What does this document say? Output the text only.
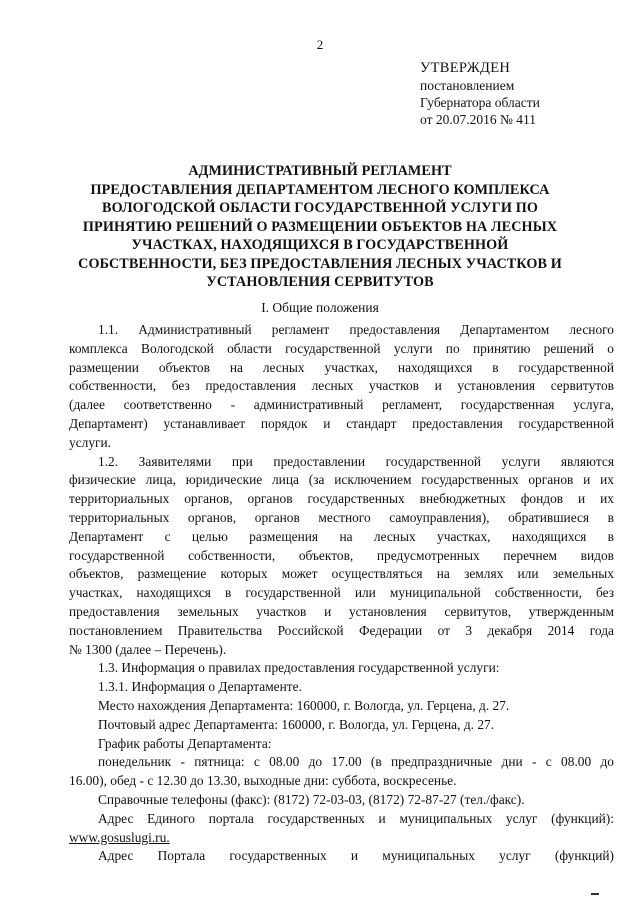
2
УТВЕРЖДЕН
постановлением
Губернатора области
от 20.07.2016 № 411
АДМИНИСТРАТИВНЫЙ РЕГЛАМЕНТ
ПРЕДОСТАВЛЕНИЯ ДЕПАРТАМЕНТОМ ЛЕСНОГО КОМПЛЕКСА
ВОЛОГОДСКОЙ ОБЛАСТИ ГОСУДАРСТВЕННОЙ УСЛУГИ ПО
ПРИНЯТИЮ РЕШЕНИЙ О РАЗМЕЩЕНИИ ОБЪЕКТОВ НА ЛЕСНЫХ
УЧАСТКАХ, НАХОДЯЩИХСЯ В ГОСУДАРСТВЕННОЙ
СОБСТВЕННОСТИ, БЕЗ ПРЕДОСТАВЛЕНИЯ ЛЕСНЫХ УЧАСТКОВ И
УСТАНОВЛЕНИЯ СЕРВИТУТОВ
I. Общие положения
1.1. Административный регламент предоставления Департаментом лесного
комплекса Вологодской области государственной услуги по принятию решений о
размещении объектов на лесных участках, находящихся в государственной
собственности, без предоставления лесных участков и установления сервитутов
(далее соответственно - административный регламент, государственная услуга,
Департамент) устанавливает порядок и стандарт предоставления государственной
услуги.
1.2. Заявителями при предоставлении государственной услуги являются
физические лица, юридические лица (за исключением государственных органов и их
территориальных органов, органов государственных внебюджетных фондов и их
территориальных органов, органов местного самоуправления), обратившиеся в
Департамент с целью размещения на лесных участках, находящихся в
государственной собственности, объектов, предусмотренных перечнем видов
объектов, размещение которых может осуществляться на землях или земельных
участках, находящихся в государственной или муниципальной собственности, без
предоставления земельных участков и установления сервитутов, утвержденным
постановлением Правительства Российской Федерации от 3 декабря 2014 года
№ 1300 (далее – Перечень).
1.3. Информация о правилах предоставления государственной услуги:
1.3.1. Информация о Департаменте.
Место нахождения Департамента: 160000, г. Вологда, ул. Герцена, д. 27.
Почтовый адрес Департамента: 160000, г. Вологда, ул. Герцена, д. 27.
График работы Департамента:
понедельник - пятница: с 08.00 до 17.00 (в предпраздничные дни - с 08.00 до
16.00), обед - с 12.30 до 13.30, выходные дни: суббота, воскресенье.
Справочные телефоны (факс): (8172) 72-03-03, (8172) 72-87-27 (тел./факс).
Адрес Единого портала государственных и муниципальных услуг (функций):
www.gosuslugi.ru.
Адрес Портала государственных и муниципальных услуг (функций)
